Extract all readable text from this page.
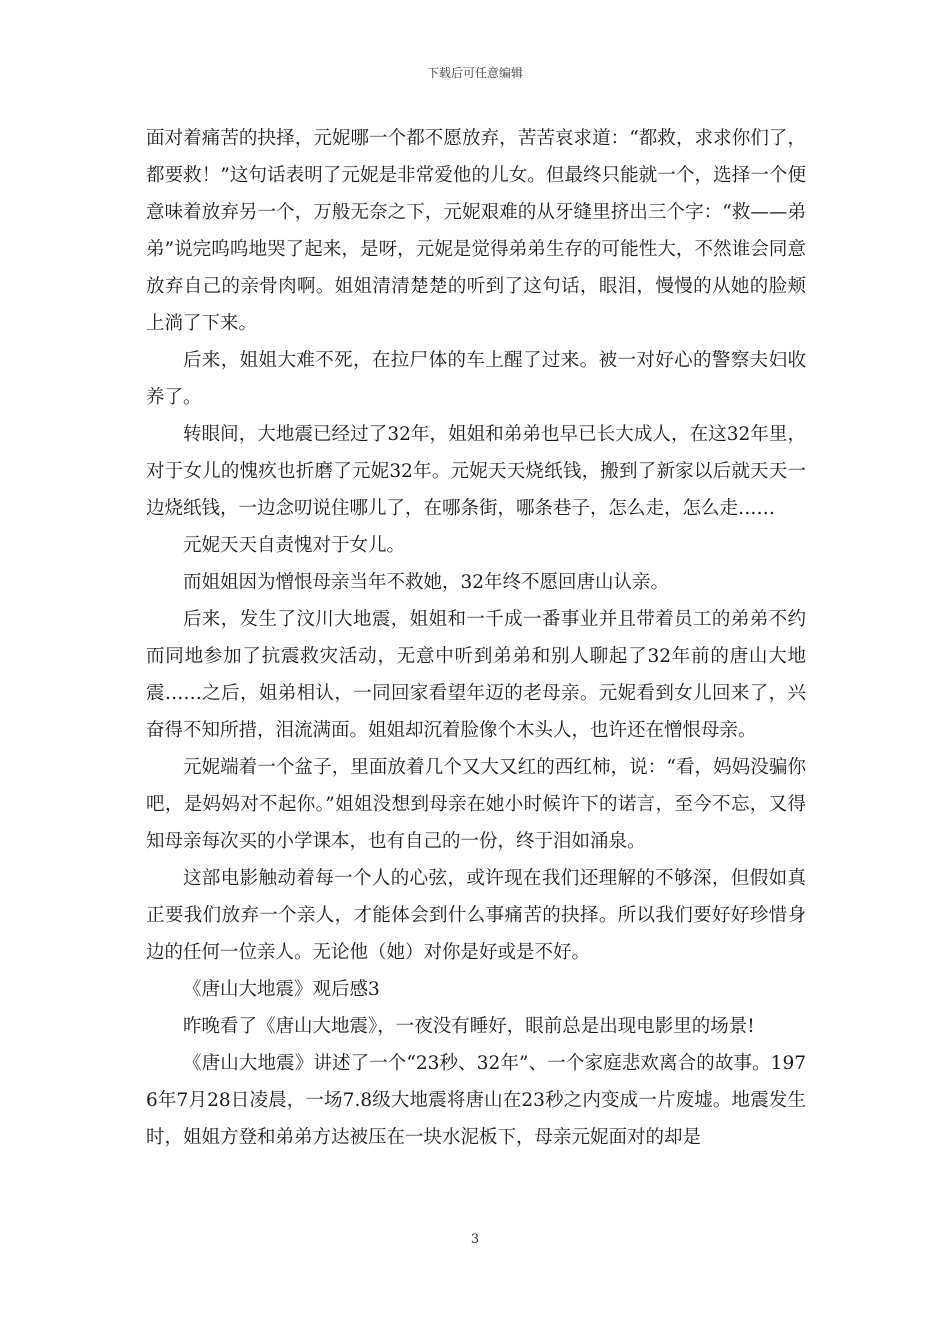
下载后可任意编辑

面对着痛苦的抉择，元妮哪一个都不愿放弃，苦苦哀求道：“都救，求求你们了，都要救！”这句话表明了元妮是非常爱他的儿女。但最终只能就一个，选择一个便意味着放弃另一个，万般无奈之下，元妮艰难的从牙缝里挤出三个字：“救——弟弟”说完呜呜地哭了起来，是呀，元妮是觉得弟弟生存的可能性大，不然谁会同意放弃自己的亲骨肉啊。姐姐清清楚楚的听到了这句话，眼泪，慢慢的从她的脸颊上淌了下来。

后来，姐姐大难不死，在拉尸体的车上醒了过来。被一对好心的警察夫妇收养了。

转眼间，大地震已经过了32年，姐姐和弟弟也早已长大成人，在这32年里，对于女儿的愧疚也折磨了元妮32年。元妮天天烧纸钱，搬到了新家以后就天天一边烧纸钱，一边念叨说住哪儿了，在哪条街，哪条巷子，怎么走，怎么走……

元妮天天自责愧对于女儿。

而姐姐因为憎恨母亲当年不救她，32年终不愿回唐山认亲。

后来，发生了汶川大地震，姐姐和一千成一番事业并且带着员工的弟弟不约而同地参加了抗震救灾活动，无意中听到弟弟和别人聊起了32年前的唐山大地震……之后，姐弟相认，一同回家看望年迈的老母亲。元妮看到女儿回来了，兴奋得不知所措，泪流满面。姐姐却沉着脸像个木头人，也许还在憎恨母亲。

元妮端着一个盆子，里面放着几个又大又红的西红柿，说：“看，妈妈没骗你吧，是妈妈对不起你。”姐姐没想到母亲在她小时候许下的诺言，至今不忘，又得知母亲每次买的小学课本，也有自己的一份，终于泪如涌泉。

这部电影触动着每一个人的心弦，或许现在我们还理解的不够深，但假如真正要我们放弃一个亲人，才能体会到什么事痛苦的抉择。所以我们要好好珍惜身边的任何一位亲人。无论他（她）对你是好或是不好。

《唐山大地震》观后感3

昨晚看了《唐山大地震》，一夜没有睡好，眼前总是出现电影里的场景!

《唐山大地震》讲述了一个“23秒、32年”、一个家庭悲欢离合的故事。1976年7月28日凌晨，一场7.8级大地震将唐山在23秒之内变成一片废墟。地震发生时，姐姐方登和弟弟方达被压在一块水泥板下，母亲元妮面对的却是

3
